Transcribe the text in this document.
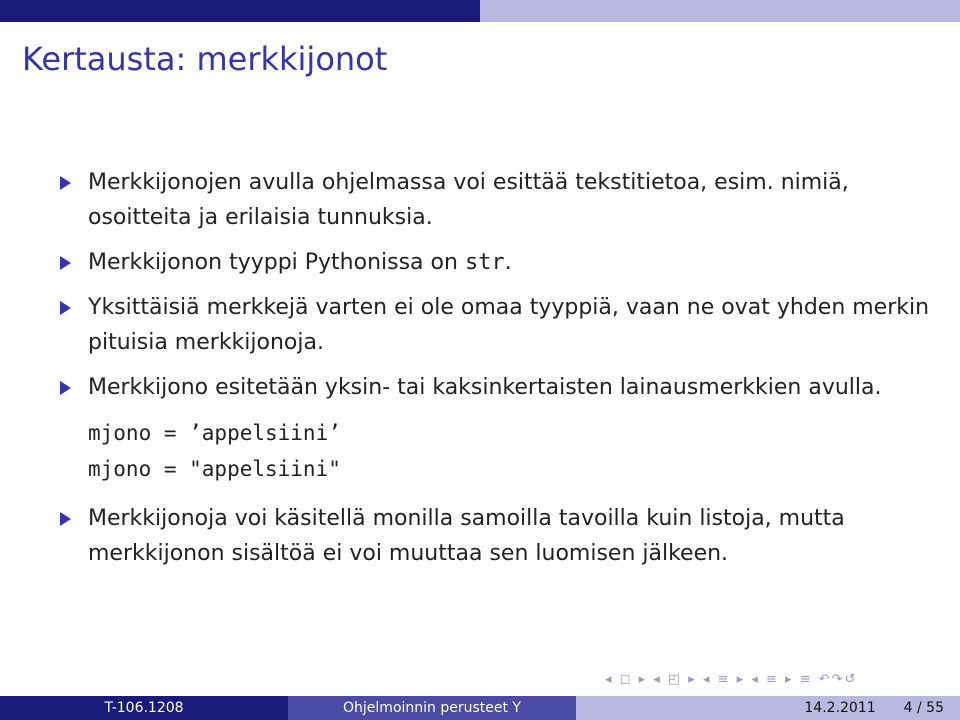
Kertausta: merkkijonot
Merkkijonojen avulla ohjelmassa voi esittää tekstitietoa, esim. nimiä, osoitteita ja erilaisia tunnuksia.
Merkkijonon tyyppi Pythonissa on str.
Yksittäisiä merkkejä varten ei ole omaa tyyppiä, vaan ne ovat yhden merkin pituisia merkkijonoja.
Merkkijono esitetään yksin- tai kaksinkertaisten lainausmerkkien avulla.
mjono = ’appelsiini’
mjono = "appelsiini"
Merkkijonoja voi käsitellä monilla samoilla tavoilla kuin listoja, mutta merkkijonon sisältöä ei voi muuttaa sen luomisen jälkeen.
◂ ◻ ▸ ◂ ◰ ▸ ◂ ≡ ▸ ◂ ≡ ▸ ≡ ↶↷↺
T-106.1208	Ohjelmoinnin perusteet Y	14.2.2011 4 / 55
